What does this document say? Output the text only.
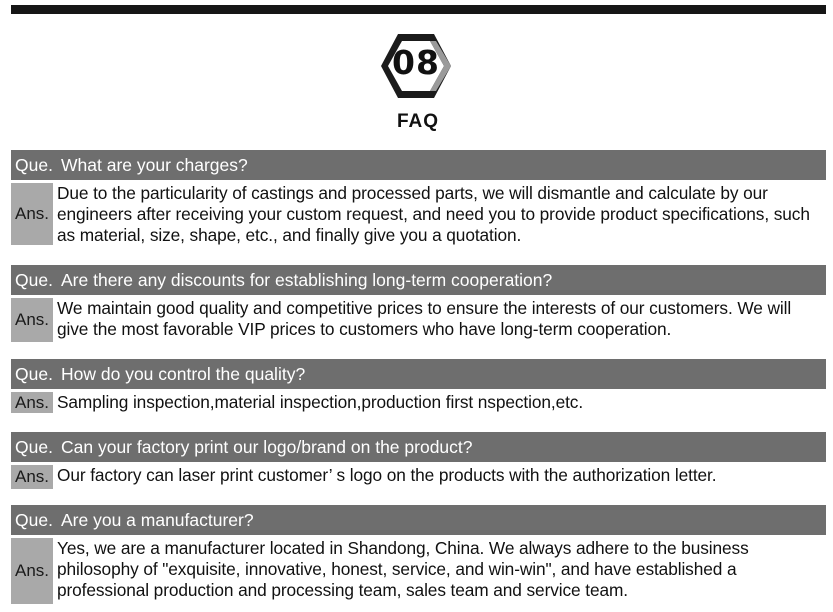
08
FAQ
Que. What are your charges?
Ans.
Due to the particularity of castings and processed parts, we will dismantle and calculate by our engineers after receiving your custom request, and need you to provide product specifications, such as material, size, shape, etc., and finally give you a quotation.
Que. Are there any discounts for establishing long-term cooperation?
Ans.
We maintain good quality and competitive prices to ensure the interests of our customers. We will give the most favorable VIP prices to customers who have long-term cooperation.
Que. How do you control the quality?
Ans. Sampling inspection,material inspection,production first nspection,etc.
Que. Can your factory print our logo/brand on the product?
Ans. Our factory can laser print customer’ s logo on the products with the authorization letter.
Que. Are you a manufacturer?
Ans.
Yes, we are a manufacturer located in Shandong, China. We always adhere to the business philosophy of "exquisite, innovative, honest, service, and win-win", and have established a professional production and processing team, sales team and service team.
